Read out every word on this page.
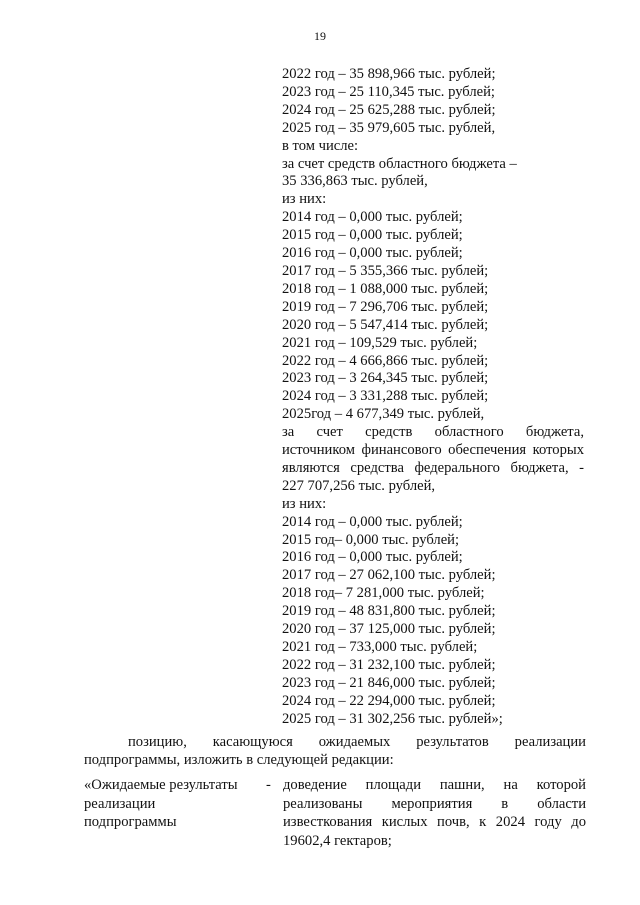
19
2022 год – 35 898,966 тыс. рублей;
2023 год – 25 110,345 тыс. рублей;
2024 год – 25 625,288 тыс. рублей;
2025 год – 35 979,605 тыс. рублей,
в том числе:
за счет средств областного бюджета –
35 336,863 тыс. рублей,
из них:
2014 год – 0,000 тыс. рублей;
2015 год – 0,000 тыс. рублей;
2016 год – 0,000 тыс. рублей;
2017 год – 5 355,366 тыс. рублей;
2018 год – 1 088,000 тыс. рублей;
2019 год – 7 296,706 тыс. рублей;
2020 год – 5 547,414 тыс. рублей;
2021 год – 109,529 тыс. рублей;
2022 год – 4 666,866 тыс. рублей;
2023 год – 3 264,345 тыс. рублей;
2024 год – 3 331,288 тыс. рублей;
2025год – 4 677,349 тыс. рублей,
за счет средств областного бюджета, источником финансового обеспечения которых являются средства федерального бюджета, -
227 707,256 тыс. рублей,
из них:
2014 год – 0,000 тыс. рублей;
2015 год– 0,000 тыс. рублей;
2016 год – 0,000 тыс. рублей;
2017 год – 27 062,100 тыс. рублей;
2018 год– 7 281,000 тыс. рублей;
2019 год – 48 831,800 тыс. рублей;
2020 год – 37 125,000 тыс. рублей;
2021 год – 733,000 тыс. рублей;
2022 год – 31 232,100 тыс. рублей;
2023 год – 21 846,000 тыс. рублей;
2024 год – 22 294,000 тыс. рублей;
2025 год – 31 302,256 тыс. рублей»;
позицию, касающуюся ожидаемых результатов реализации подпрограммы, изложить в следующей редакции:
«Ожидаемые результаты
реализации
подпрограммы
- доведение площади пашни, на которой реализованы мероприятия в области известкования кислых почв, к 2024 году до 19602,4 гектаров;
